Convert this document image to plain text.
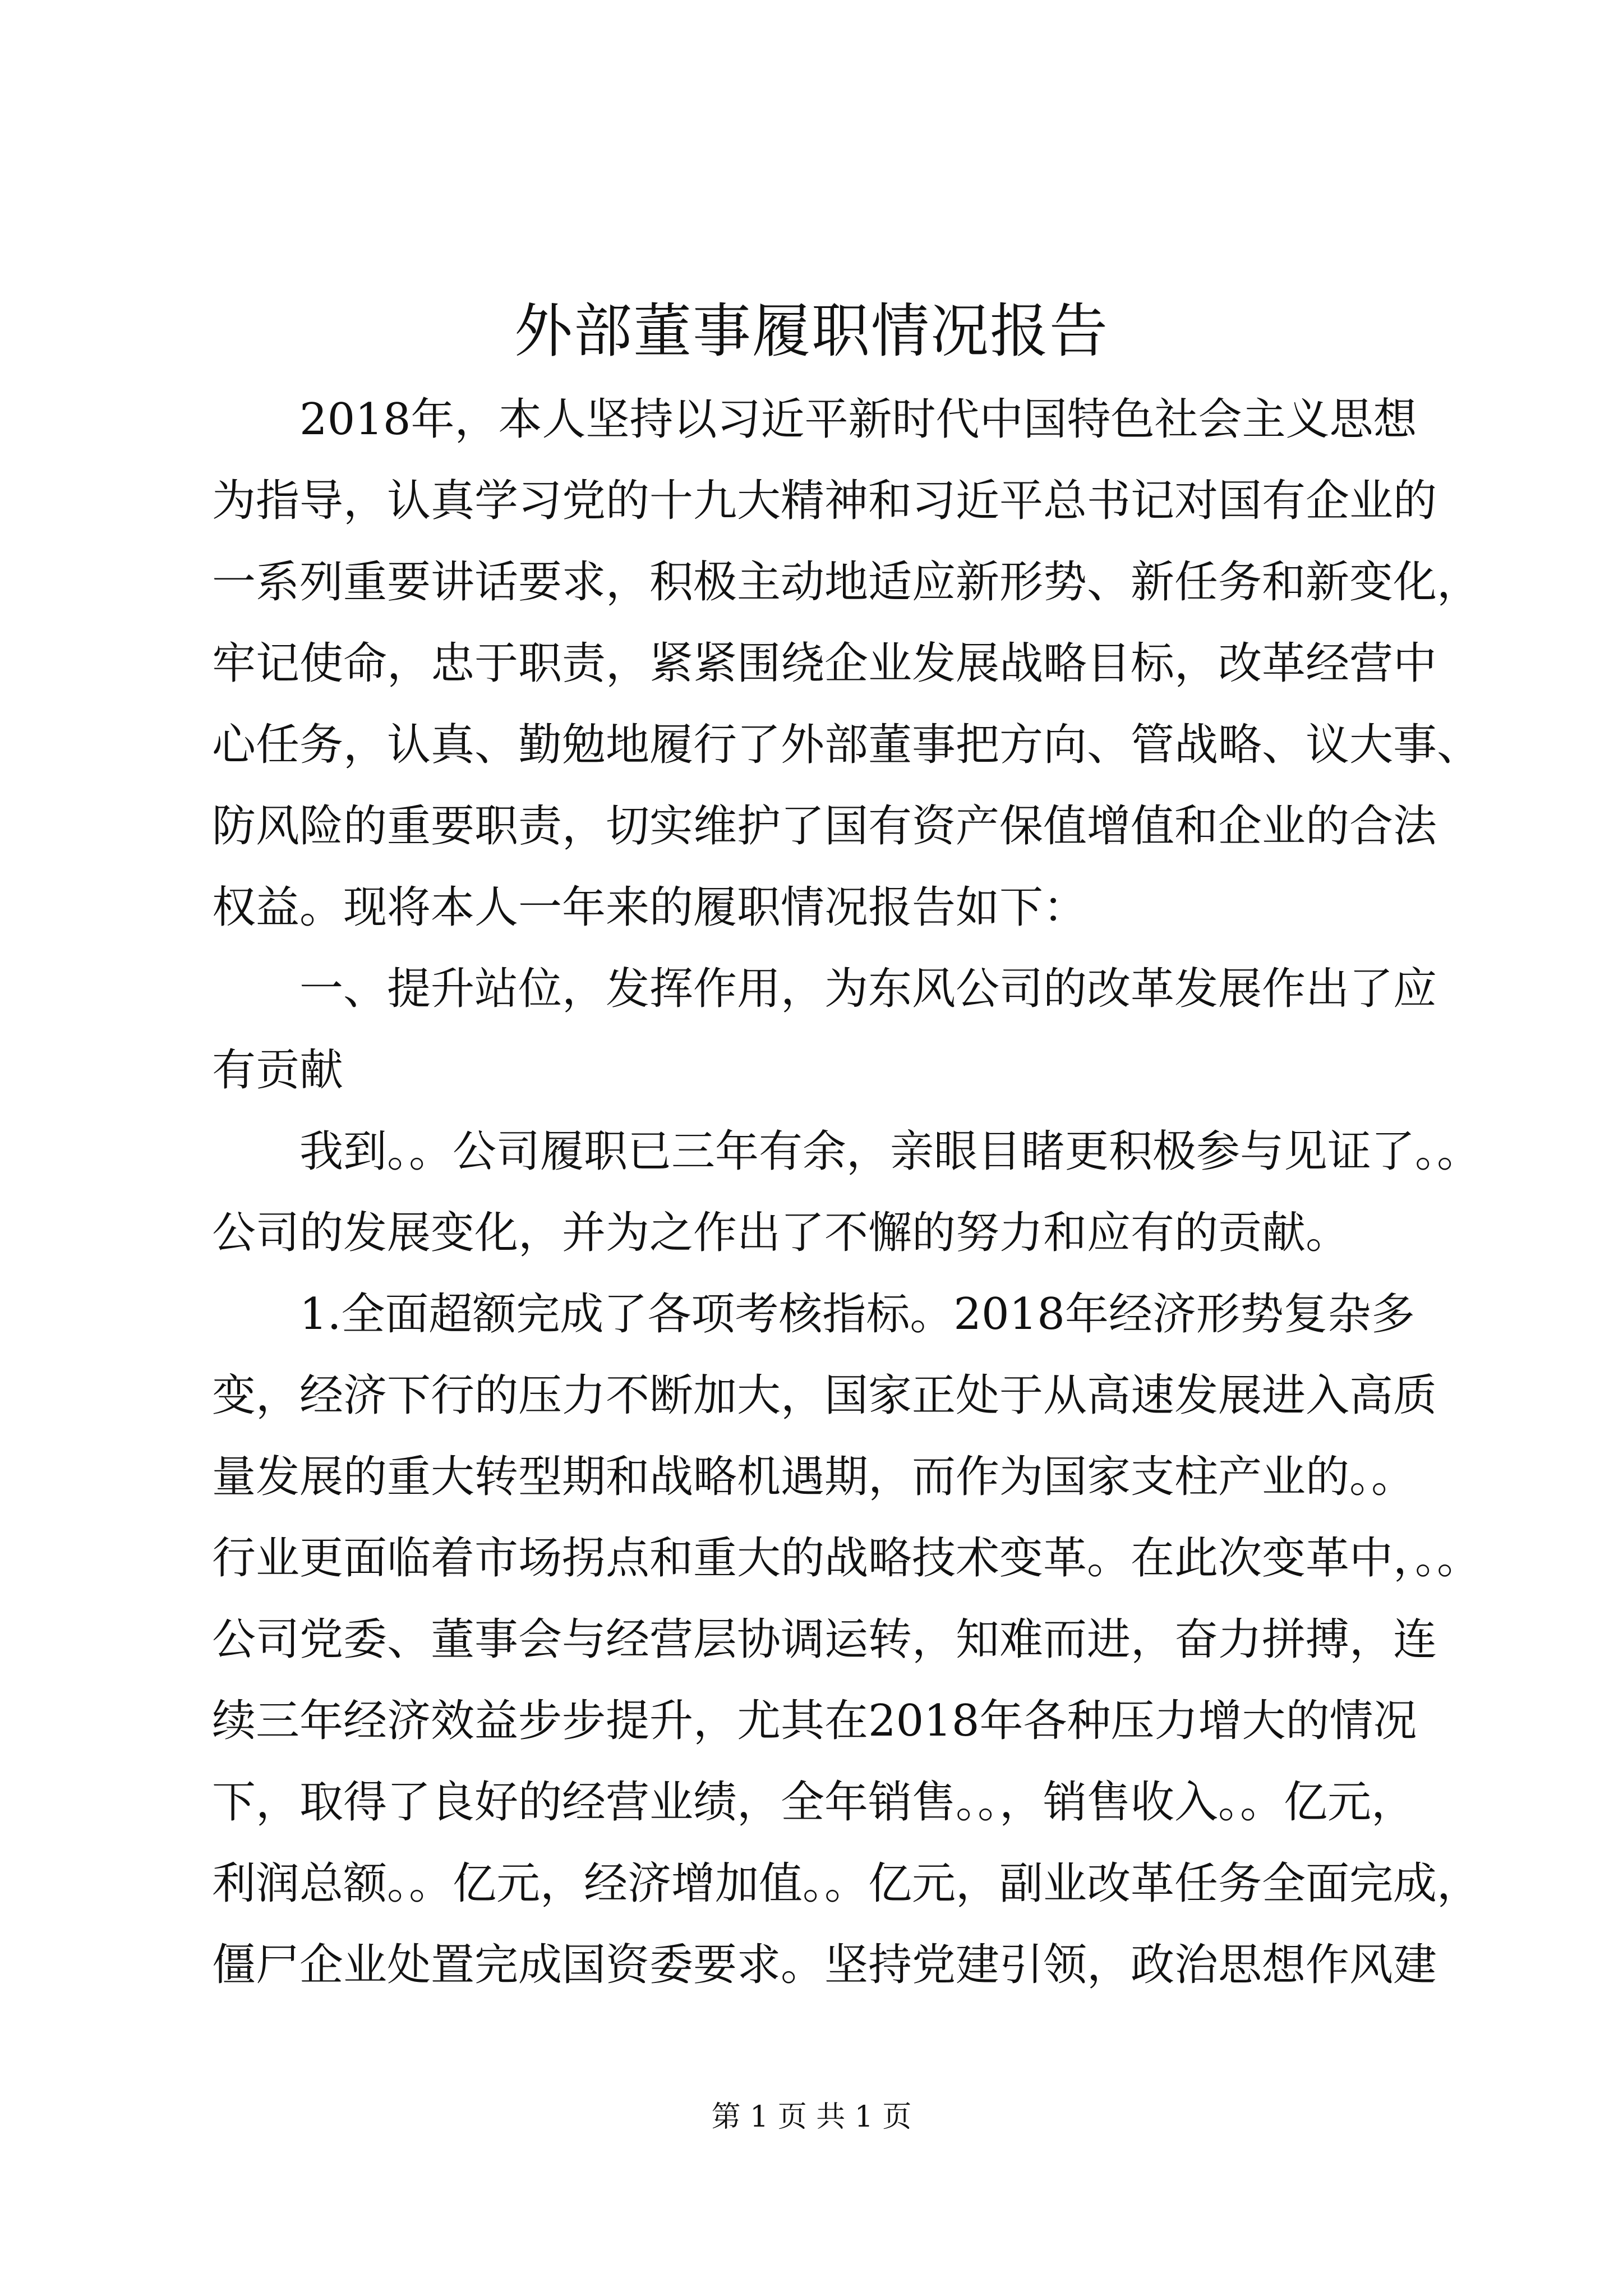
外部董事履职情况报告
　　2018年，本人坚持以习近平新时代中国特色社会主义思想
为指导，认真学习党的十九大精神和习近平总书记对国有企业的
一系列重要讲话要求，积极主动地适应新形势、新任务和新变化，
牢记使命，忠于职责，紧紧围绕企业发展战略目标，改革经营中
心任务，认真、勤勉地履行了外部董事把方向、管战略、议大事、
防风险的重要职责，切实维护了国有资产保值增值和企业的合法
权益。现将本人一年来的履职情况报告如下：
　　一、提升站位，发挥作用，为东风公司的改革发展作出了应
有贡献
　　我到。。公司履职已三年有余，亲眼目睹更积极参与见证了。。
公司的发展变化，并为之作出了不懈的努力和应有的贡献。
　　1.全面超额完成了各项考核指标。2018年经济形势复杂多
变，经济下行的压力不断加大，国家正处于从高速发展进入高质
量发展的重大转型期和战略机遇期，而作为国家支柱产业的。。
行业更面临着市场拐点和重大的战略技术变革。在此次变革中，。。
公司党委、董事会与经营层协调运转，知难而进，奋力拼搏，连
续三年经济效益步步提升，尤其在2018年各种压力增大的情况
下，取得了良好的经营业绩，全年销售。。，销售收入。。亿元，
利润总额。。亿元，经济增加值。。亿元，副业改革任务全面完成，
僵尸企业处置完成国资委要求。坚持党建引领，政治思想作风建
第 1 页 共 1 页
